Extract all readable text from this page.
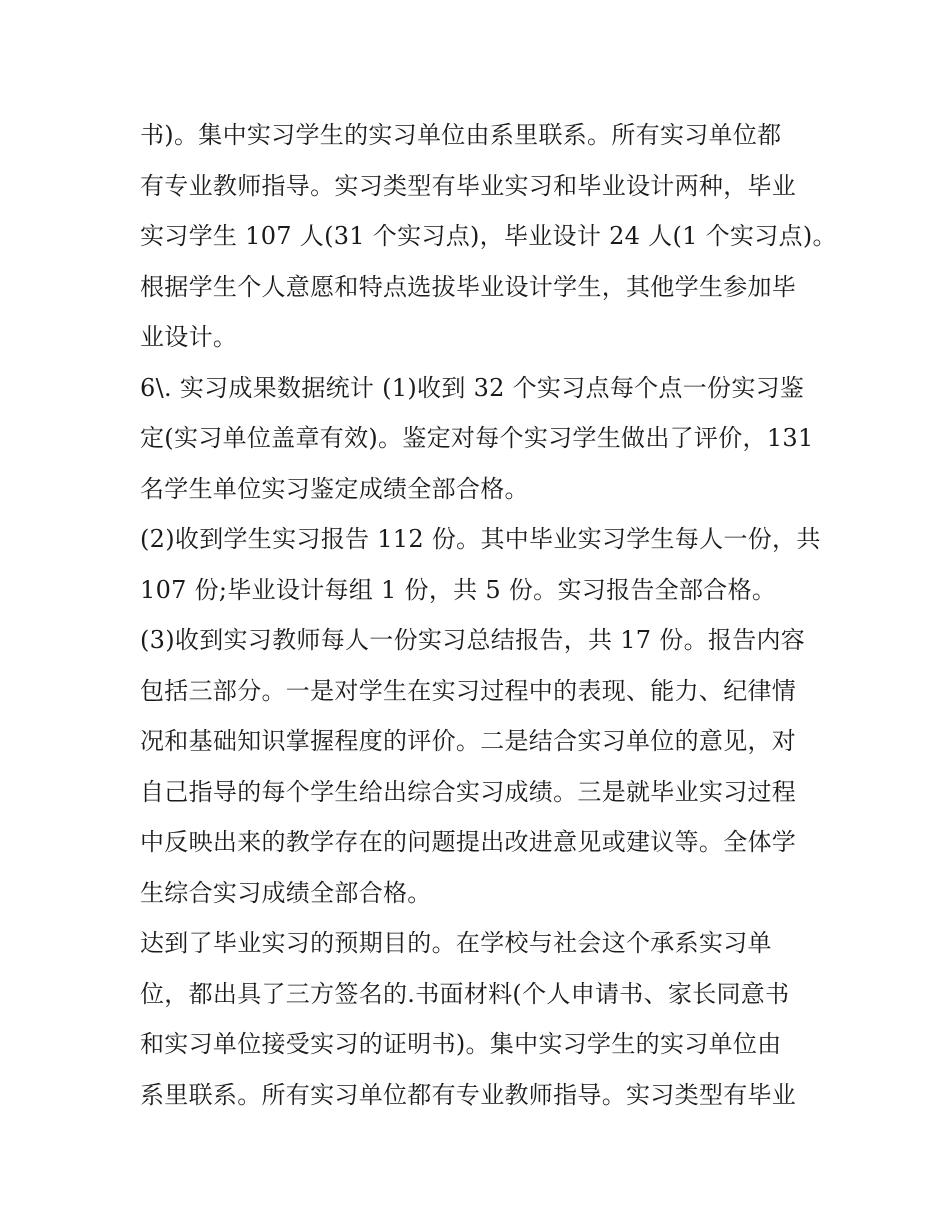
书)。集中实习学生的实习单位由系里联系。所有实习单位都
有专业教师指导。实习类型有毕业实习和毕业设计两种，毕业
实习学生 107 人(31 个实习点)，毕业设计 24 人(1 个实习点)。
根据学生个人意愿和特点选拔毕业设计学生，其他学生参加毕
业设计。
6\. 实习成果数据统计 (1)收到 32 个实习点每个点一份实习鉴
定(实习单位盖章有效)。鉴定对每个实习学生做出了评价，131
名学生单位实习鉴定成绩全部合格。
(2)收到学生实习报告 112 份。其中毕业实习学生每人一份，共
107 份;毕业设计每组 1 份，共 5 份。实习报告全部合格。
(3)收到实习教师每人一份实习总结报告，共 17 份。报告内容
包括三部分。一是对学生在实习过程中的表现、能力、纪律情
况和基础知识掌握程度的评价。二是结合实习单位的意见，对
自己指导的每个学生给出综合实习成绩。三是就毕业实习过程
中反映出来的教学存在的问题提出改进意见或建议等。全体学
生综合实习成绩全部合格。
达到了毕业实习的预期目的。在学校与社会这个承系实习单
位，都出具了三方签名的.书面材料(个人申请书、家长同意书
和实习单位接受实习的证明书)。集中实习学生的实习单位由
系里联系。所有实习单位都有专业教师指导。实习类型有毕业
